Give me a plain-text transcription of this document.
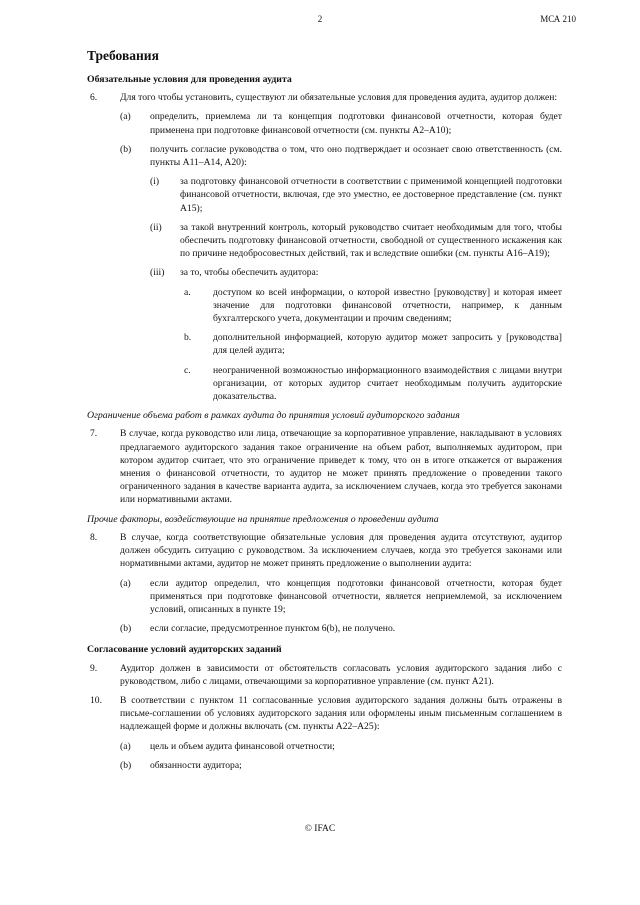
2	МСА 210
Требования
Обязательные условия для проведения аудита
6. Для того чтобы установить, существуют ли обязательные условия для проведения аудита, аудитор должен:
(a) определить, приемлема ли та концепция подготовки финансовой отчетности, которая будет применена при подготовке финансовой отчетности (см. пункты A2–A10);
(b) получить согласие руководства о том, что оно подтверждает и осознает свою ответственность (см. пункты A11–A14, A20):
(i) за подготовку финансовой отчетности в соответствии с применимой концепцией подготовки финансовой отчетности, включая, где это уместно, ее достоверное представление (см. пункт A15);
(ii) за такой внутренний контроль, который руководство считает необходимым для того, чтобы обеспечить подготовку финансовой отчетности, свободной от существенного искажения как по причине недобросовестных действий, так и вследствие ошибки (см. пункты A16–A19);
(iii) за то, чтобы обеспечить аудитора:
a. доступом ко всей информации, о которой известно [руководству] и которая имеет значение для подготовки финансовой отчетности, например, к данным бухгалтерского учета, документации и прочим сведениям;
b. дополнительной информацией, которую аудитор может запросить у [руководства] для целей аудита;
c. неограниченной возможностью информационного взаимодействия с лицами внутри организации, от которых аудитор считает необходимым получить аудиторские доказательства.
Ограничение объема работ в рамках аудита до принятия условий аудиторского задания
7. В случае, когда руководство или лица, отвечающие за корпоративное управление, накладывают в условиях предлагаемого аудиторского задания такое ограничение на объем работ, выполняемых аудитором, при котором аудитор считает, что это ограничение приведет к тому, что он в итоге откажется от выражения мнения о финансовой отчетности, то аудитор не может принять предложение о проведении такого ограниченного задания в качестве варианта аудита, за исключением случаев, когда это требуется законами или нормативными актами.
Прочие факторы, воздействующие на принятие предложения о проведении аудита
8. В случае, когда соответствующие обязательные условия для проведения аудита отсутствуют, аудитор должен обсудить ситуацию с руководством. За исключением случаев, когда это требуется законами или нормативными актами, аудитор не может принять предложение о выполнении аудита:
(a) если аудитор определил, что концепция подготовки финансовой отчетности, которая будет применяться при подготовке финансовой отчетности, является неприемлемой, за исключением условий, описанных в пункте 19;
(b) если согласие, предусмотренное пунктом 6(b), не получено.
Согласование условий аудиторских заданий
9. Аудитор должен в зависимости от обстоятельств согласовать условия аудиторского задания либо с руководством, либо с лицами, отвечающими за корпоративное управление (см. пункт A21).
10. В соответствии с пунктом 11 согласованные условия аудиторского задания должны быть отражены в письме-соглашении об условиях аудиторского задания или оформлены иным письменным соглашением в надлежащей форме и должны включать (см. пункты A22–A25):
(a) цель и объем аудита финансовой отчетности;
(b) обязанности аудитора;
© IFAC
